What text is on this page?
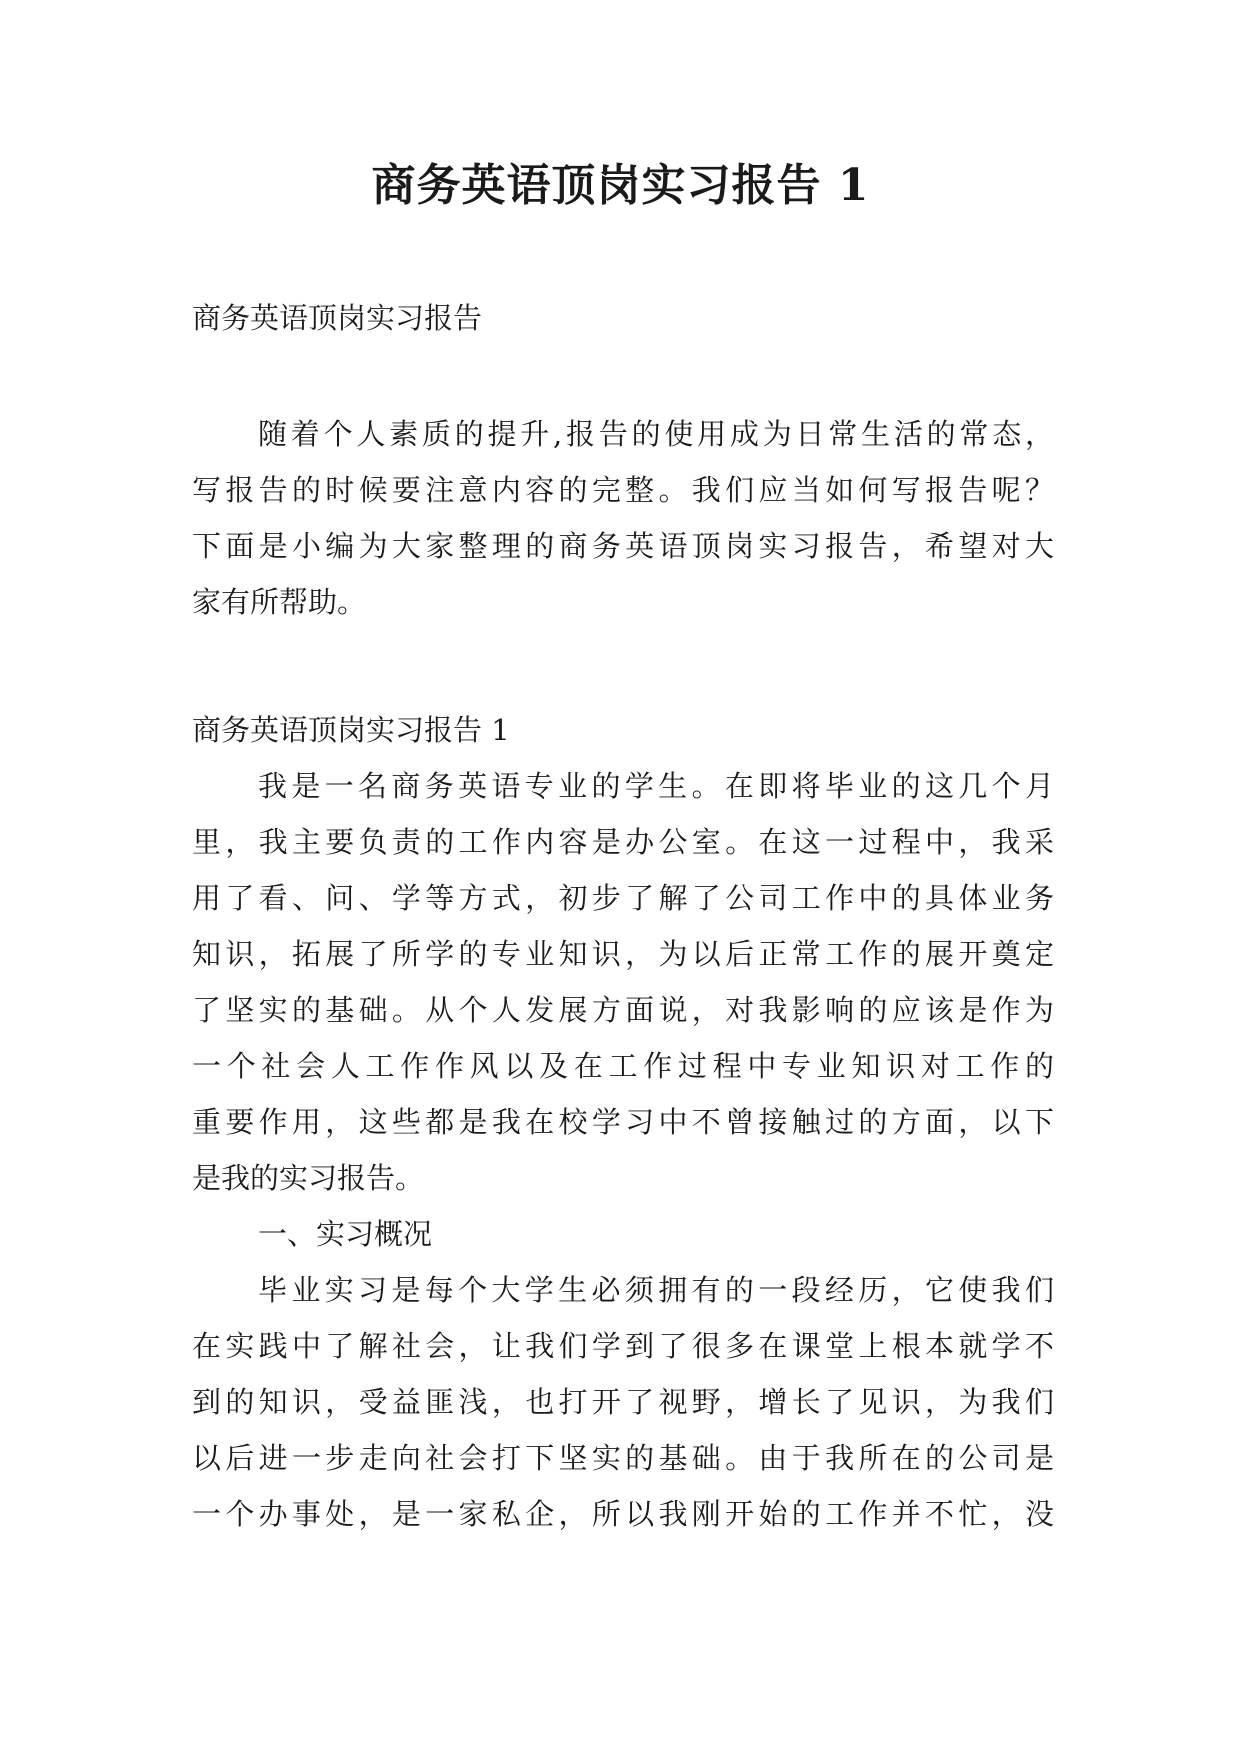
商务英语顶岗实习报告 1
商务英语顶岗实习报告
随着个人素质的提升,报告的使用成为日常生活的常态，
写报告的时候要注意内容的完整。我们应当如何写报告呢？
下面是小编为大家整理的商务英语顶岗实习报告，希望对大
家有所帮助。
商务英语顶岗实习报告 1
我是一名商务英语专业的学生。在即将毕业的这几个月
里，我主要负责的工作内容是办公室。在这一过程中，我采
用了看、问、学等方式，初步了解了公司工作中的具体业务
知识，拓展了所学的专业知识，为以后正常工作的展开奠定
了坚实的基础。从个人发展方面说，对我影响的应该是作为
一个社会人工作作风以及在工作过程中专业知识对工作的
重要作用，这些都是我在校学习中不曾接触过的方面，以下
是我的实习报告。
一、实习概况
毕业实习是每个大学生必须拥有的一段经历，它使我们
在实践中了解社会，让我们学到了很多在课堂上根本就学不
到的知识，受益匪浅，也打开了视野，增长了见识，为我们
以后进一步走向社会打下坚实的基础。由于我所在的公司是
一个办事处，是一家私企，所以我刚开始的工作并不忙，没
